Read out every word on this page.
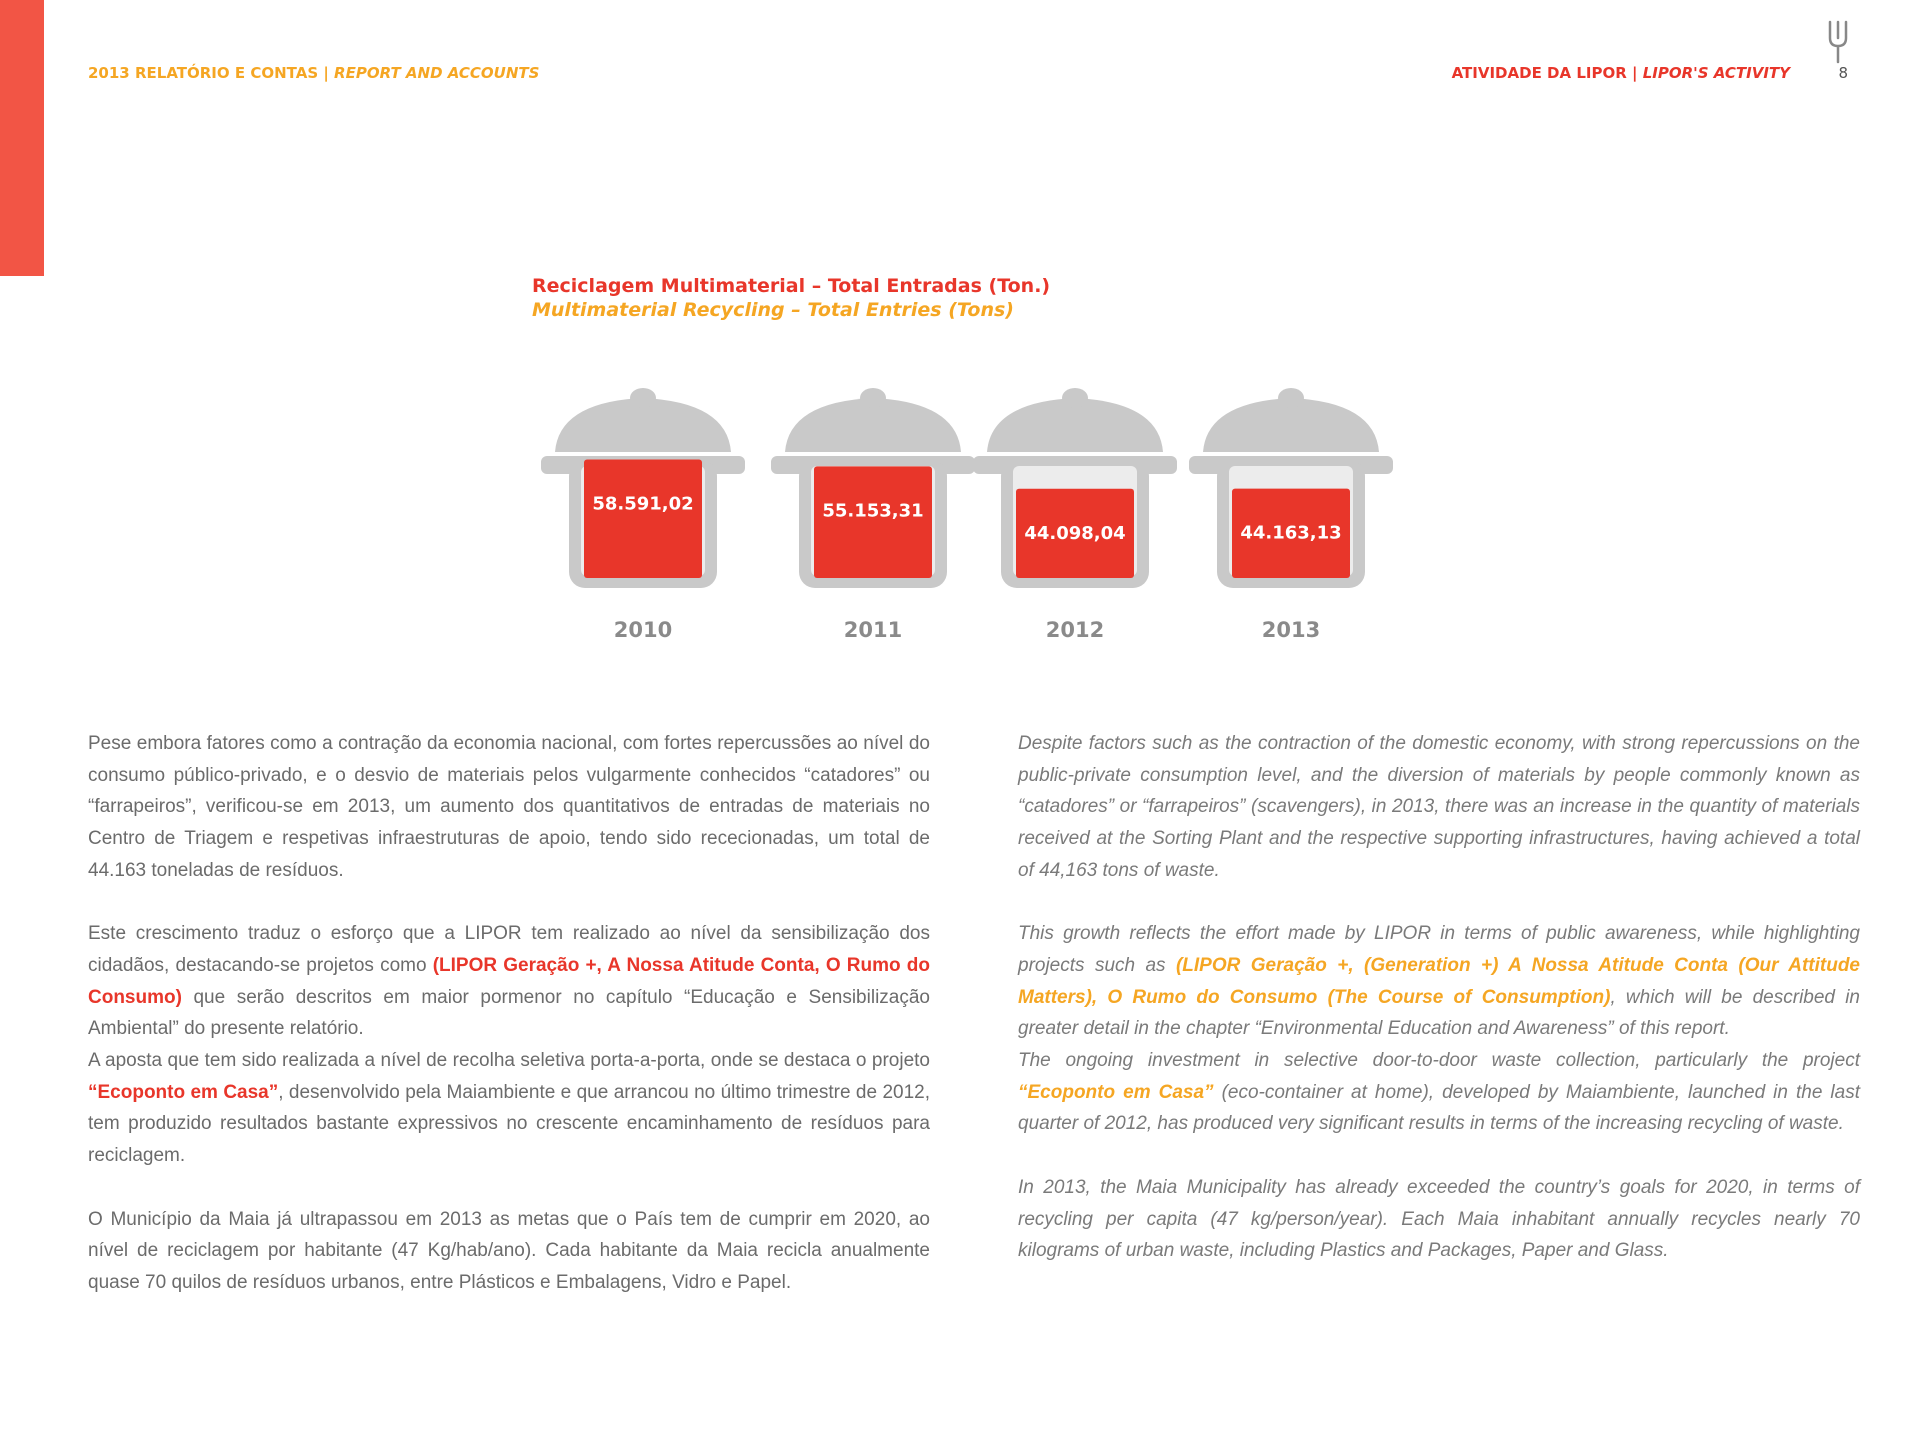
2013 RELATÓRIO E CONTAS | REPORT AND ACCOUNTS	ATIVIDADE DA LIPOR | LIPOR'S ACTIVITY	8
Reciclagem Multimaterial – Total Entradas (Ton.)
Multimaterial Recycling – Total Entries (Tons)
58.591,02
2010
55.153,31
2011
44.098,04
2012
44.163,13
2013

Pese embora fatores como a contração da economia nacional, com fortes repercussões ao nível do consumo público-privado, e o desvio de materiais pelos vulgarmente conhecidos “catadores” ou “farrapeiros”, verificou-se em 2013, um aumento dos quantitativos de entradas de materiais no Centro de Triagem e respetivas infraestruturas de apoio, tendo sido rececionadas, um total de 44.163 toneladas de resíduos.

Este crescimento traduz o esforço que a LIPOR tem realizado ao nível da sensibilização dos cidadãos, destacando-se projetos como (LIPOR Geração +, A Nossa Atitude Conta, O Rumo do Consumo) que serão descritos em maior pormenor no capítulo “Educação e Sensibilização Ambiental” do presente relatório.

A aposta que tem sido realizada a nível de recolha seletiva porta-a-porta, onde se destaca o projeto “Ecoponto em Casa”, desenvolvido pela Maiambiente e que arrancou no último trimestre de 2012, tem produzido resultados bastante expressivos no crescente encaminhamento de resíduos para reciclagem.

O Município da Maia já ultrapassou em 2013 as metas que o País tem de cumprir em 2020, ao nível de reciclagem por habitante (47 Kg/hab/ano). Cada habitante da Maia recicla anualmente quase 70 quilos de resíduos urbanos, entre Plásticos e Embalagens, Vidro e Papel.

Despite factors such as the contraction of the domestic economy, with strong repercussions on the public-private consumption level, and the diversion of materials by people commonly known as “catadores” or “farrapeiros” (scavengers), in 2013, there was an increase in the quantity of materials received at the Sorting Plant and the respective supporting infrastructures, having achieved a total of 44,163 tons of waste.

This growth reflects the effort made by LIPOR in terms of public awareness, while highlighting projects such as (LIPOR Geração +, (Generation +) A Nossa Atitude Conta (Our Attitude Matters), O Rumo do Consumo (The Course of Consumption), which will be described in greater detail in the chapter “Environmental Education and Awareness” of this report.

The ongoing investment in selective door-to-door waste collection, particularly the project “Ecoponto em Casa” (eco-container at home), developed by Maiambiente, launched in the last quarter of 2012, has produced very significant results in terms of the increasing recycling of waste.

In 2013, the Maia Municipality has already exceeded the country’s goals for 2020, in terms of recycling per capita (47 kg/person/year). Each Maia inhabitant annually recycles nearly 70 kilograms of urban waste, including Plastics and Packages, Paper and Glass.
